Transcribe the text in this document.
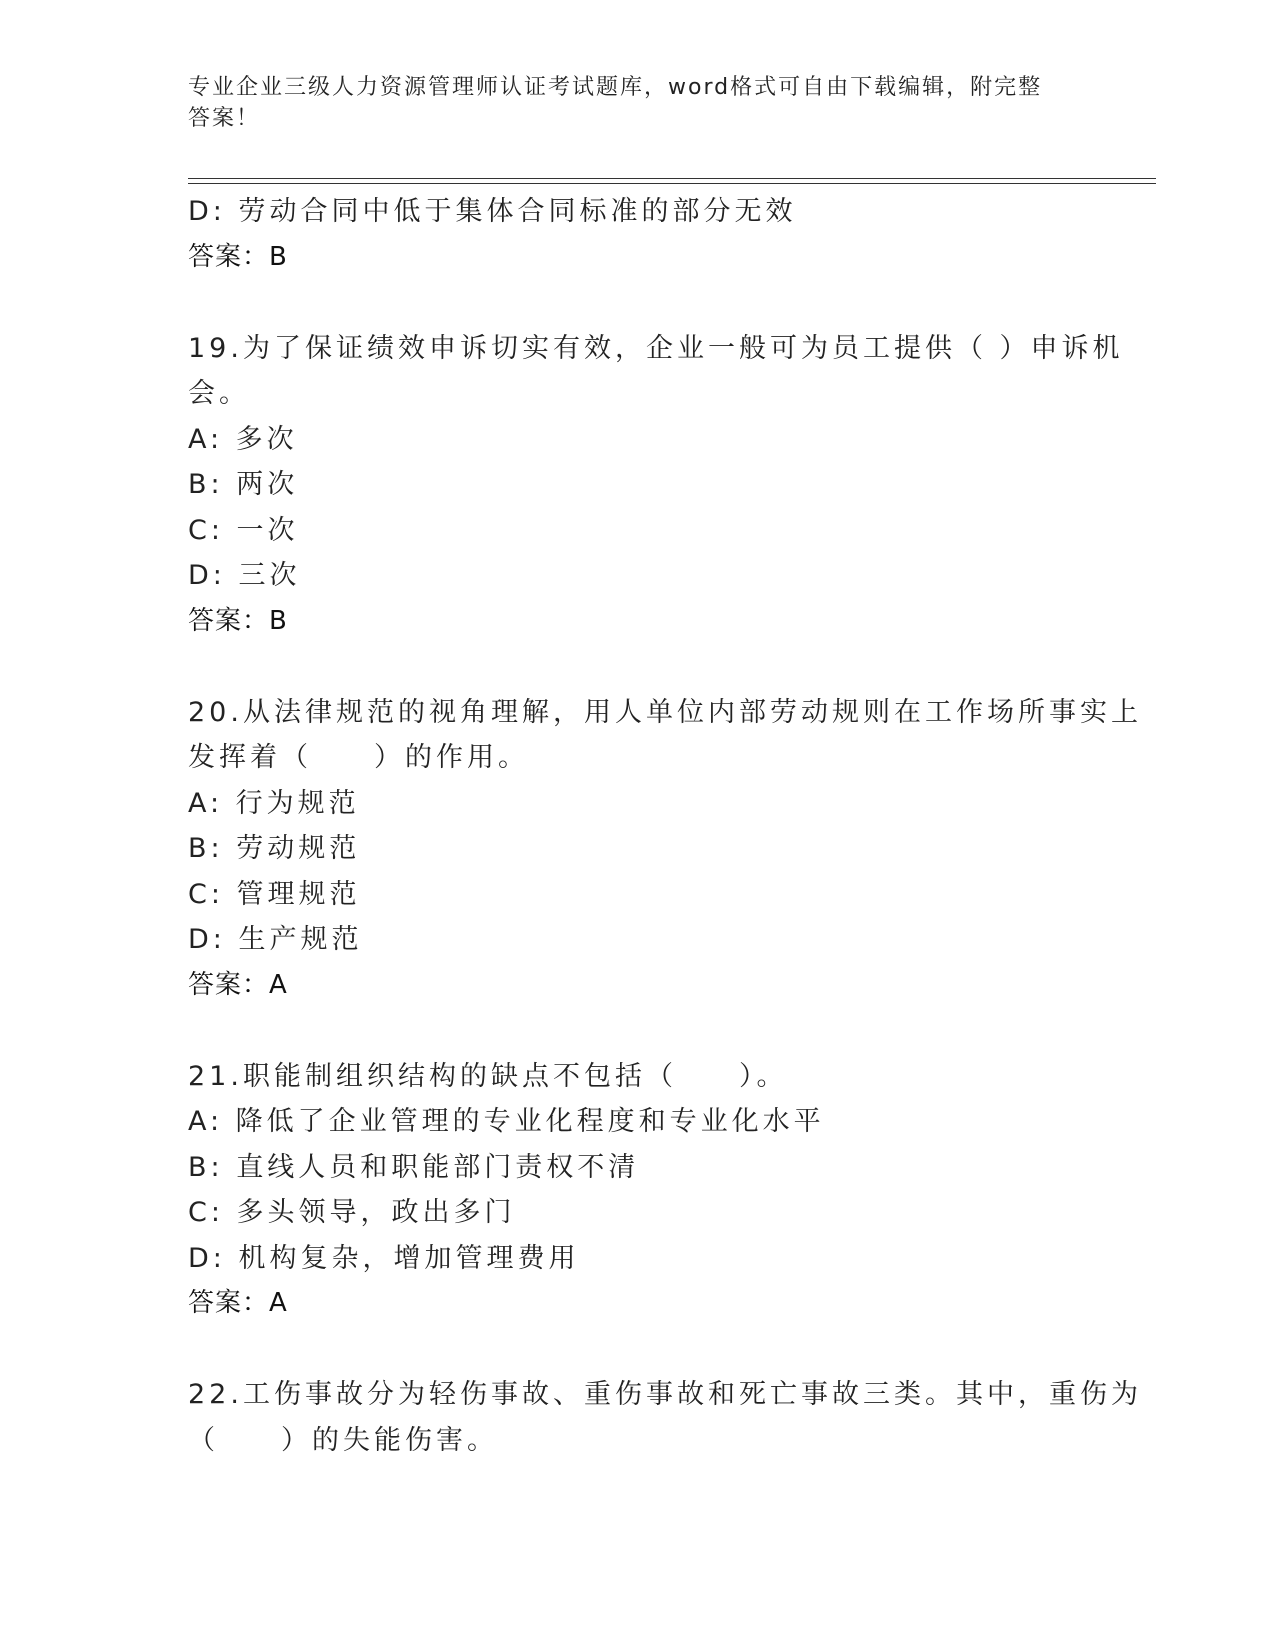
专业企业三级人力资源管理师认证考试题库，word格式可自由下载编辑，附完整
答案！
D: 劳动合同中低于集体合同标准的部分无效
答案：B
19.为了保证绩效申诉切实有效，企业一般可为员工提供（ ）申诉机
会。
A: 多次
B: 两次
C: 一次
D: 三次
答案：B
20.从法律规范的视角理解，用人单位内部劳动规则在工作场所事实上
发挥着（　　）的作用。
A: 行为规范
B: 劳动规范
C: 管理规范
D: 生产规范
答案：A
21.职能制组织结构的缺点不包括（　　）。
A: 降低了企业管理的专业化程度和专业化水平
B: 直线人员和职能部门责权不清
C: 多头领导，政出多门
D: 机构复杂，增加管理费用
答案：A
22.工伤事故分为轻伤事故、重伤事故和死亡事故三类。其中，重伤为
（　　）的失能伤害。
